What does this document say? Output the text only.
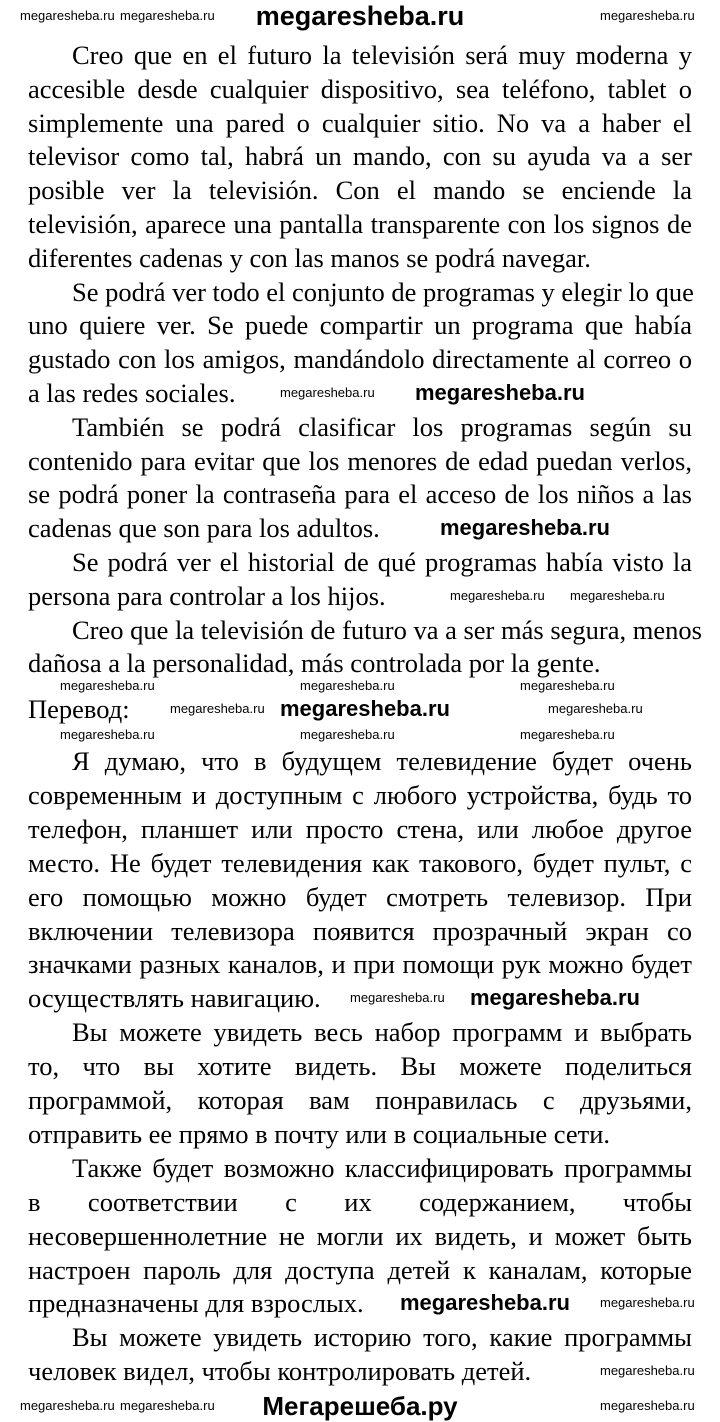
megaresheba.ru
Creo que en el futuro la televisión será muy moderna y
accesible desde cualquier dispositivo, sea teléfono, tablet o
simplemente una pared o cualquier sitio. No va a haber el
televisor como tal, habrá un mando, con su ayuda va a ser
posible ver la televisión. Con el mando se enciende la
televisión, aparece una pantalla transparente con los signos de
diferentes cadenas y con las manos se podrá navegar.
Se podrá ver todo el conjunto de programas y elegir lo que
uno quiere ver. Se puede compartir un programa que había
gustado con los amigos, mandándolo directamente al correo o
a las redes sociales.
También se podrá clasificar los programas según su
contenido para evitar que los menores de edad puedan verlos,
se podrá poner la contraseña para el acceso de los niños a las
cadenas que son para los adultos.
Se podrá ver el historial de qué programas había visto la
persona para controlar a los hijos.
Creo que la televisión de futuro va a ser más segura, menos
dañosa a la personalidad, más controlada por la gente.
Перевод:
Я думаю, что в будущем телевидение будет очень
современным и доступным с любого устройства, будь то
телефон, планшет или просто стена, или любое другое
место. Не будет телевидения как такового, будет пульт, с
его помощью можно будет смотреть телевизор. При
включении телевизора появится прозрачный экран со
значками разных каналов, и при помощи рук можно будет
осуществлять навигацию.
Вы можете увидеть весь набор программ и выбрать
то, что вы хотите видеть. Вы можете поделиться
программой, которая вам понравилась с друзьями,
отправить ее прямо в почту или в социальные сети.
Также будет возможно классифицировать программы
в соответствии с их содержанием, чтобы
несовершеннолетние не могли их видеть, и может быть
настроен пароль для доступа детей к каналам, которые
предназначены для взрослых.
Вы можете увидеть историю того, какие программы
человек видел, чтобы контролировать детей.
megaresheba.ru megaresheba.ru	megaresheba.ru
megaresheba.ru	megaresheba.ru	megaresheba.ru
megaresheba.ru	megaresheba.ru
megaresheba.ru	megaresheba.ru	megaresheba.ru
megaresheba.ru
megaresheba.ru megaresheba.ru
megaresheba.ru
megaresheba.ru
megaresheba.ru
megaresheba.ru megaresheba.ru	megaresheba.ru
megaresheba.ru
megaresheba.ru
megaresheba.ru
megaresheba.ru
megaresheba.ru
Мегарешеба.ру
